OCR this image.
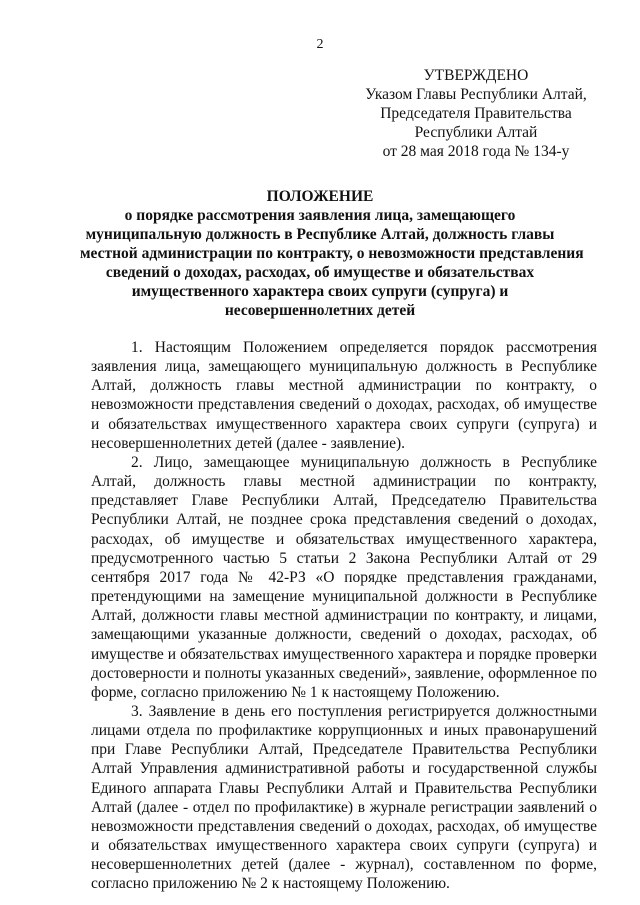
2
УТВЕРЖДЕНО
Указом Главы Республики Алтай,
Председателя Правительства
Республики Алтай
от 28 мая 2018 года № 134-у
ПОЛОЖЕНИЕ
о порядке рассмотрения заявления лица, замещающего
муниципальную должность в Республике Алтай, должность главы
местной администрации по контракту, о невозможности представления
сведений о доходах, расходах, об имуществе и обязательствах
имущественного характера своих супруги (супруга) и
несовершеннолетних детей

1. Настоящим Положением определяется порядок рассмотрения заявления лица, замещающего муниципальную должность в Республике Алтай, должность главы местной администрации по контракту, о невозможности представления сведений о доходах, расходах, об имуществе и обязательствах имущественного характера своих супруги (супруга) и несовершеннолетних детей (далее - заявление).

2. Лицо, замещающее муниципальную должность в Республике Алтай, должность главы местной администрации по контракту, представляет Главе Республики Алтай, Председателю Правительства Республики Алтай, не позднее срока представления сведений о доходах, расходах, об имуществе и обязательствах имущественного характера, предусмотренного частью 5 статьи 2 Закона Республики Алтай от 29 сентября 2017 года № 42-РЗ «О порядке представления гражданами, претендующими на замещение муниципальной должности в Республике Алтай, должности главы местной администрации по контракту, и лицами, замещающими указанные должности, сведений о доходах, расходах, об имуществе и обязательствах имущественного характера и порядке проверки достоверности и полноты указанных сведений», заявление, оформленное по форме, согласно приложению № 1 к настоящему Положению.

3. Заявление в день его поступления регистрируется должностными лицами отдела по профилактике коррупционных и иных правонарушений при Главе Республики Алтай, Председателе Правительства Республики Алтай Управления административной работы и государственной службы Единого аппарата Главы Республики Алтай и Правительства Республики Алтай (далее - отдел по профилактике) в журнале регистрации заявлений о невозможности представления сведений о доходах, расходах, об имуществе и обязательствах имущественного характера своих супруги (супруга) и несовершеннолетних детей (далее - журнал), составленном по форме, согласно приложению № 2 к настоящему Положению.
